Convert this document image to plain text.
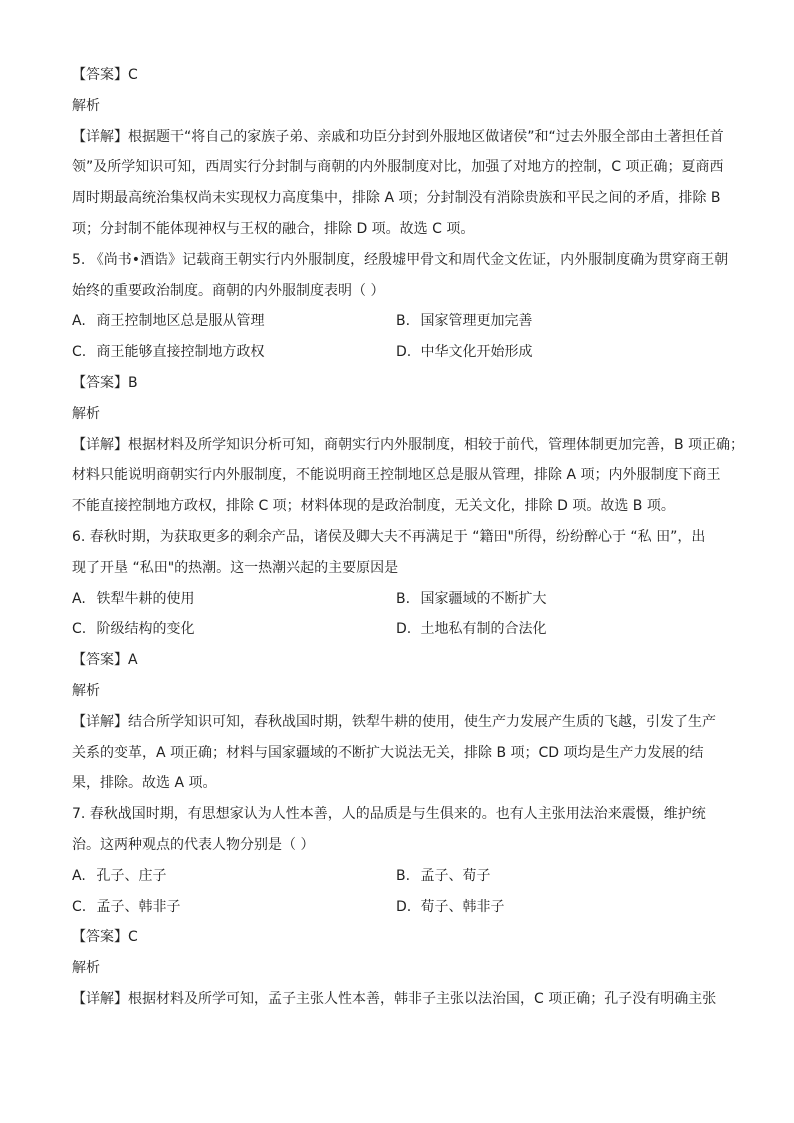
【答案】C
解析
【详解】根据题干“将自己的家族子弟、亲戚和功臣分封到外服地区做诸侯”和“过去外服全部由土著担任首
领”及所学知识可知，西周实行分封制与商朝的内外服制度对比，加强了对地方的控制，C 项正确；夏商西
周时期最高统治集权尚未实现权力高度集中，排除 A 项；分封制没有消除贵族和平民之间的矛盾，排除 B
项；分封制不能体现神权与王权的融合，排除 D 项。故选 C 项。
5. 《尚书•酒诰》记载商王朝实行内外服制度，经殷墟甲骨文和周代金文佐证，内外服制度确为贯穿商王朝
始终的重要政治制度。商朝的内外服制度表明（ ）
A. 商王控制地区总是服从管理	B. 国家管理更加完善
C. 商王能够直接控制地方政权	D. 中华文化开始形成
【答案】B
解析
【详解】根据材料及所学知识分析可知，商朝实行内外服制度，相较于前代，管理体制更加完善，B 项正确；
材料只能说明商朝实行内外服制度，不能说明商王控制地区总是服从管理，排除 A 项；内外服制度下商王
不能直接控制地方政权，排除 C 项；材料体现的是政治制度，无关文化，排除 D 项。故选 B 项。
6. 春秋时期，为获取更多的剩余产品，诸侯及卿大夫不再满足于 “籍田"所得，纷纷醉心于 “私 田”，出
现了开垦 “私田"的热潮。这一热潮兴起的主要原因是
A. 铁犁牛耕的使用	B. 国家疆域的不断扩大
C. 阶级结构的变化	D. 土地私有制的合法化
【答案】A
解析
【详解】结合所学知识可知，春秋战国时期，铁犁牛耕的使用，使生产力发展产生质的飞越，引发了生产
关系的变革，A 项正确；材料与国家疆域的不断扩大说法无关，排除 B 项；CD 项均是生产力发展的结
果，排除。故选 A 项。
7. 春秋战国时期，有思想家认为人性本善，人的品质是与生俱来的。也有人主张用法治来震慑，维护统
治。这两种观点的代表人物分别是（ ）
A. 孔子、庄子	B. 孟子、荀子
C. 孟子、韩非子	D. 荀子、韩非子
【答案】C
解析
【详解】根据材料及所学可知，孟子主张人性本善，韩非子主张以法治国，C 项正确；孔子没有明确主张
